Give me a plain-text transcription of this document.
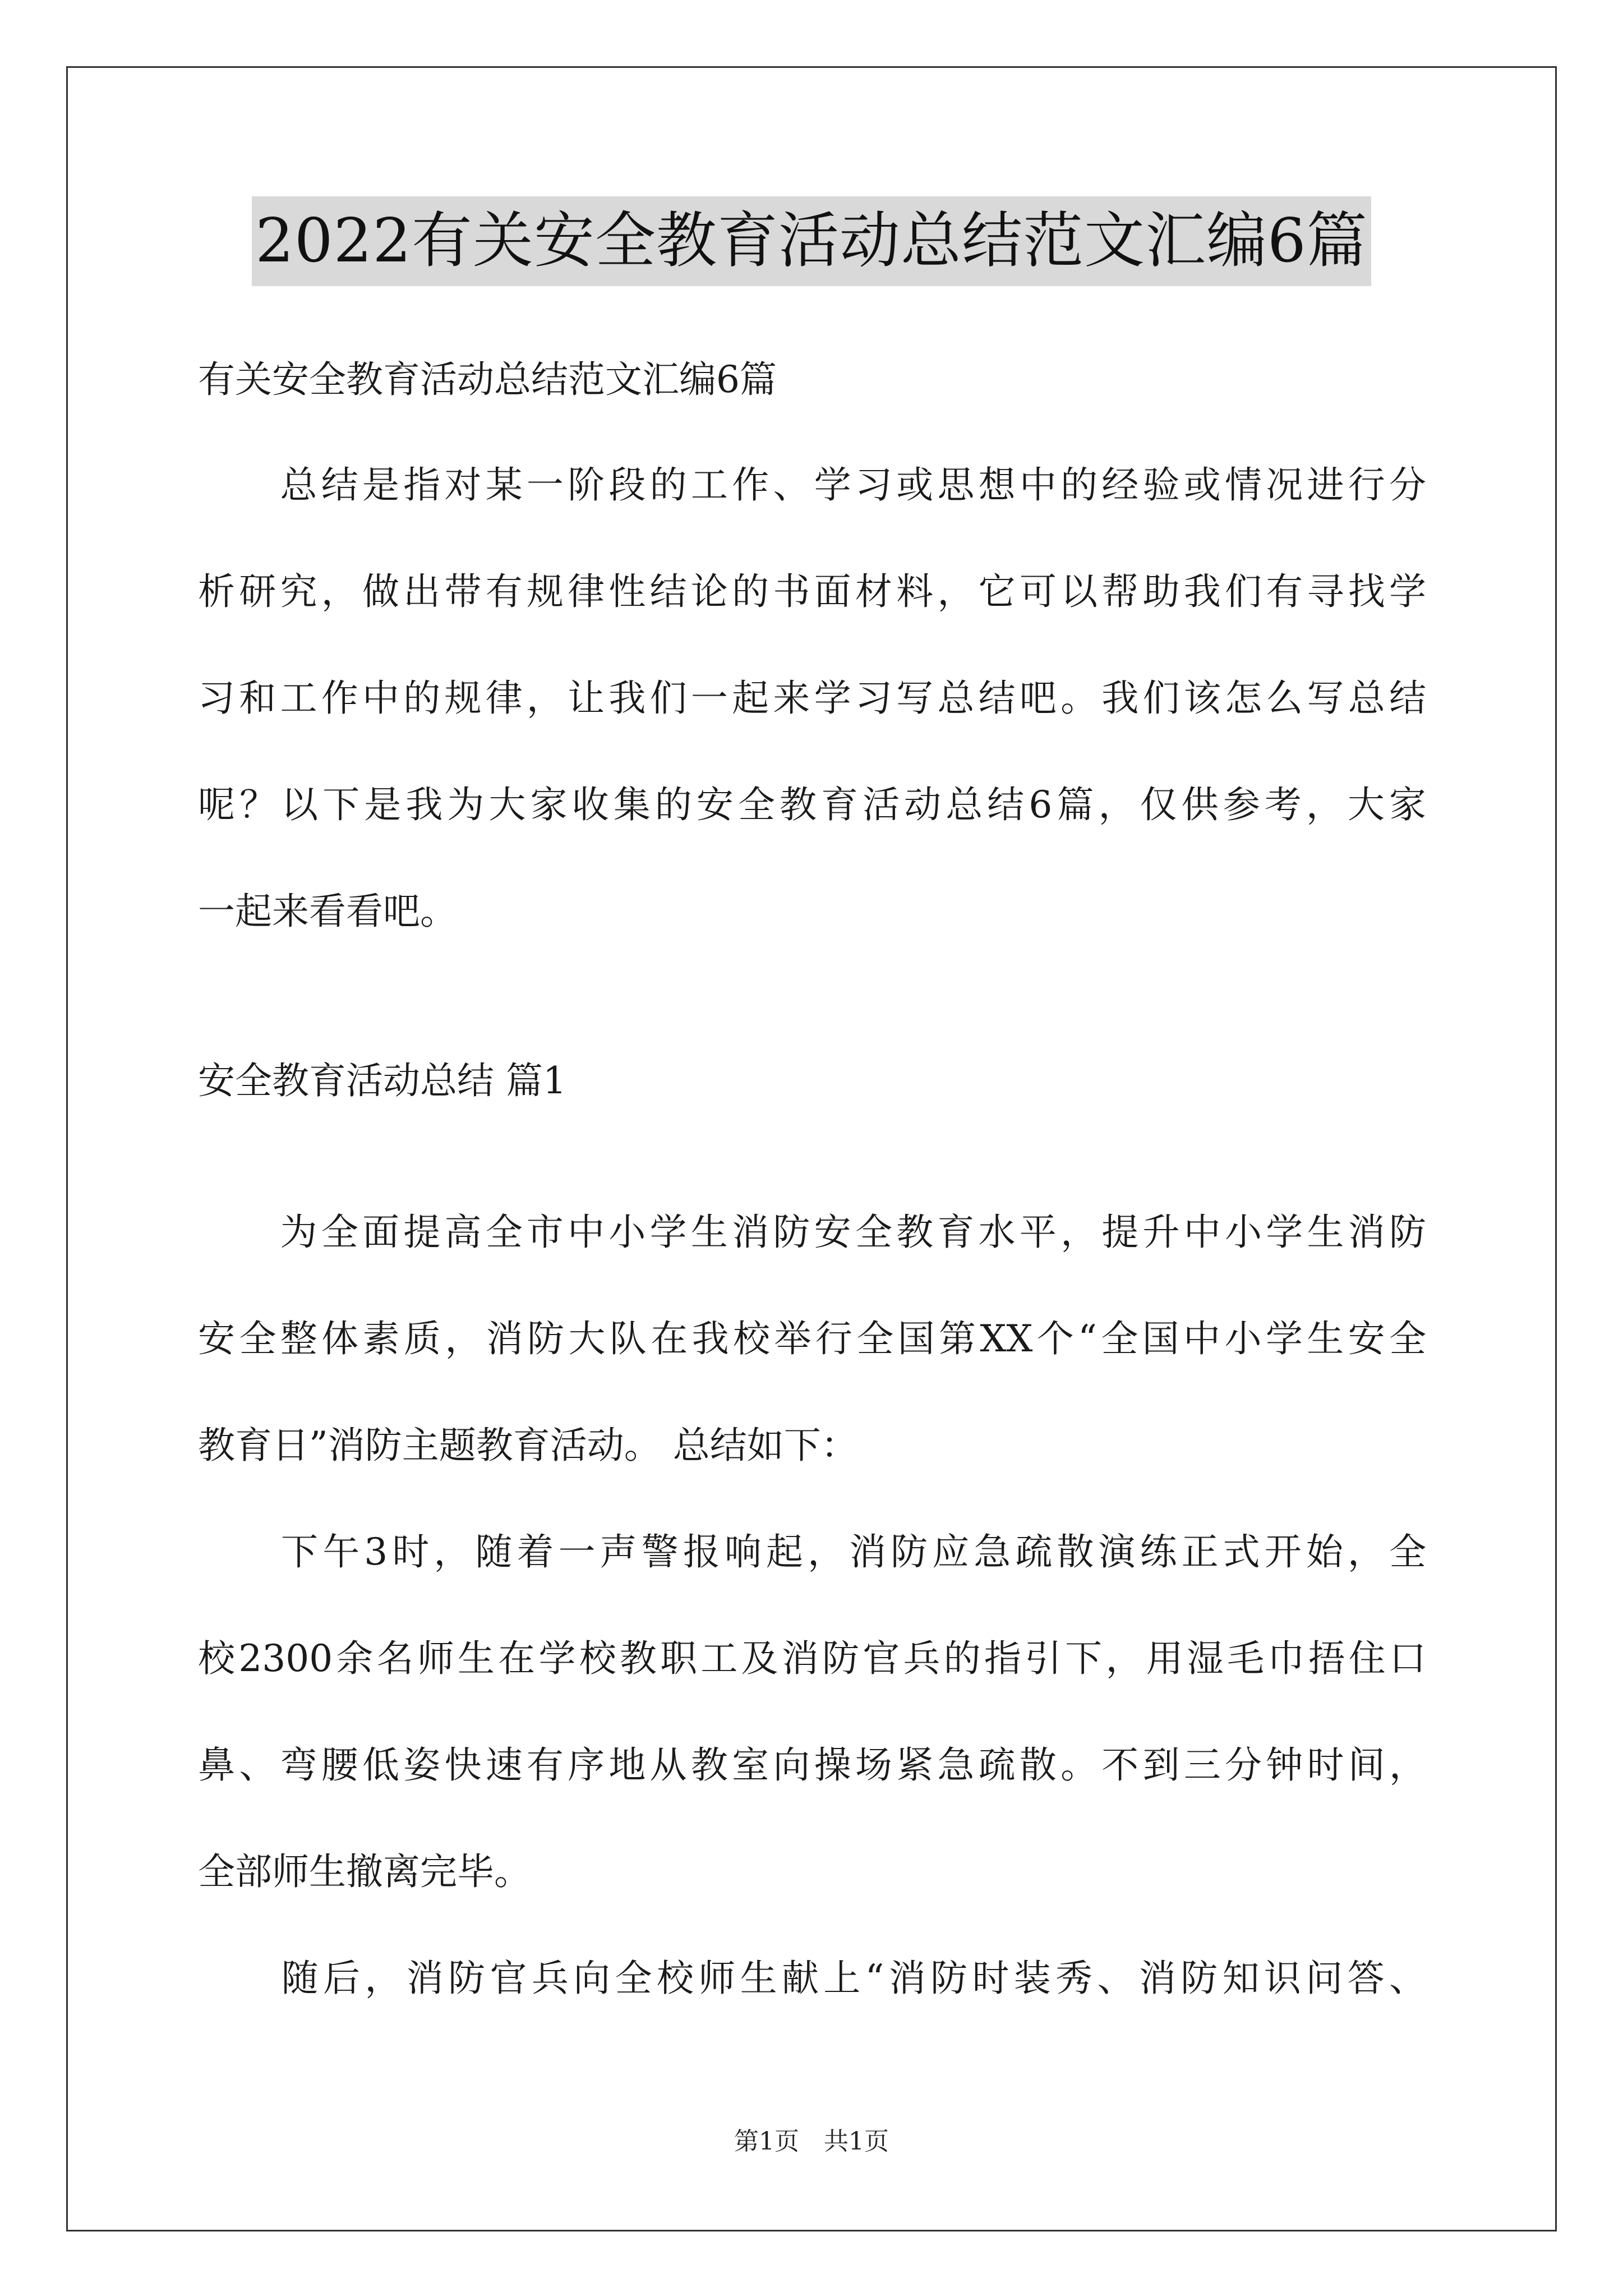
2022有关安全教育活动总结范文汇编6篇
有关安全教育活动总结范文汇编6篇
　　总结是指对某一阶段的工作、学习或思想中的经验或情况进行分
析研究，做出带有规律性结论的书面材料，它可以帮助我们有寻找学
习和工作中的规律，让我们一起来学习写总结吧。我们该怎么写总结
呢？以下是我为大家收集的安全教育活动总结6篇，仅供参考，大家
一起来看看吧。
安全教育活动总结 篇1
　　为全面提高全市中小学生消防安全教育水平，提升中小学生消防
安全整体素质，消防大队在我校举行全国第XX个“全国中小学生安全
教育日”消防主题教育活动。 总结如下：
　　下午3时，随着一声警报响起，消防应急疏散演练正式开始，全
校2300余名师生在学校教职工及消防官兵的指引下，用湿毛巾捂住口
鼻、弯腰低姿快速有序地从教室向操场紧急疏散。不到三分钟时间，
全部师生撤离完毕。
　　随后，消防官兵向全校师生献上“消防时装秀、消防知识问答、
第1页　共1页
